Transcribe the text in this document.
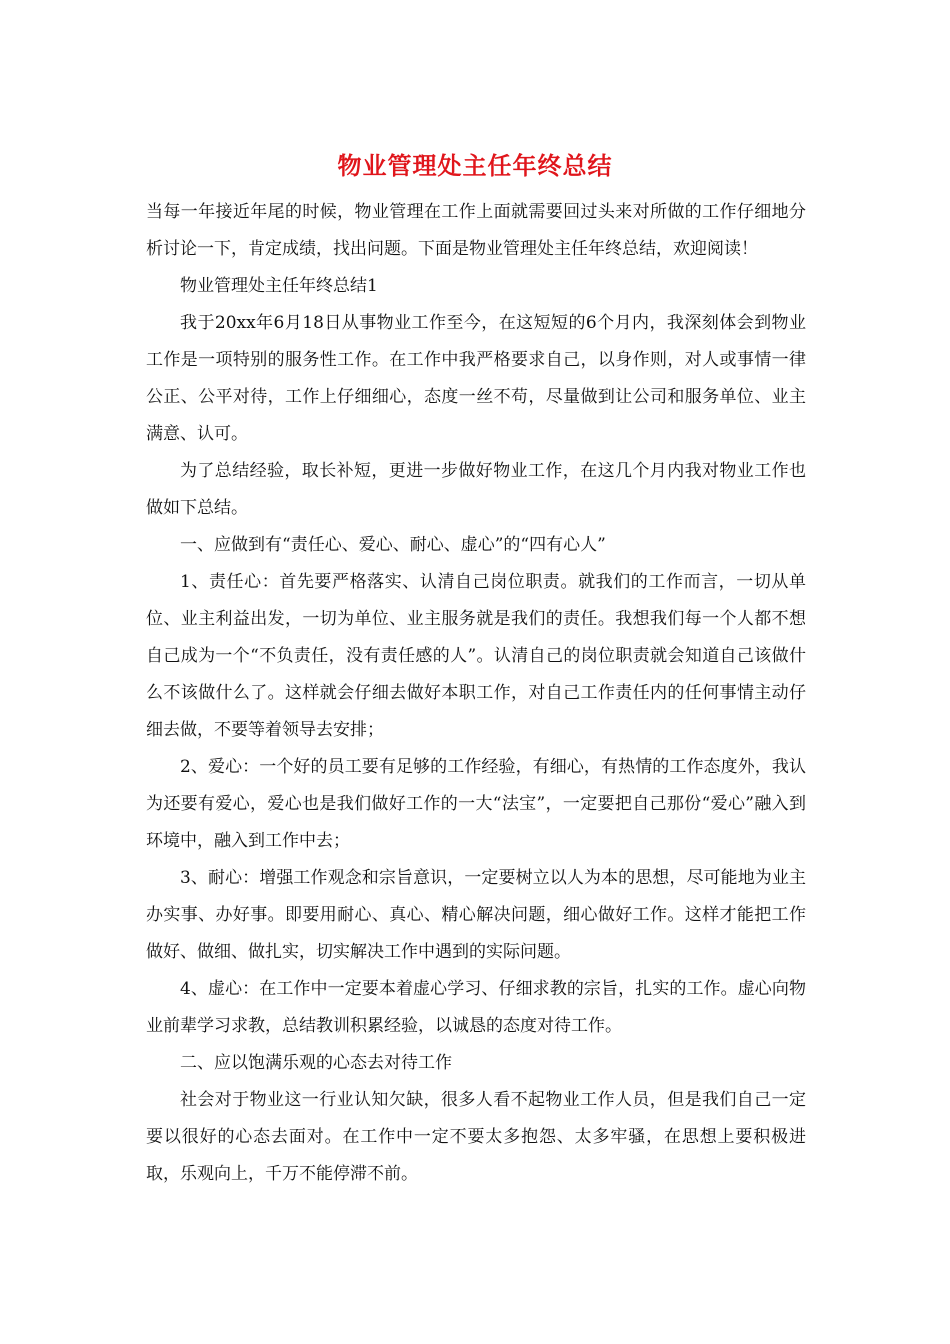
物业管理处主任年终总结

当每一年接近年尾的时候，物业管理在工作上面就需要回过头来对所做的工作仔细地分析讨论一下，肯定成绩，找出问题。下面是物业管理处主任年终总结，欢迎阅读！

物业管理处主任年终总结1

我于20xx年6月18日从事物业工作至今，在这短短的6个月内，我深刻体会到物业工作是一项特别的服务性工作。在工作中我严格要求自己，以身作则，对人或事情一律公正、公平对待，工作上仔细细心，态度一丝不苟，尽量做到让公司和服务单位、业主满意、认可。

为了总结经验，取长补短，更进一步做好物业工作，在这几个月内我对物业工作也做如下总结。

一、应做到有“责任心、爱心、耐心、虚心”的“四有心人”

1、责任心：首先要严格落实、认清自己岗位职责。就我们的工作而言，一切从单位、业主利益出发，一切为单位、业主服务就是我们的责任。我想我们每一个人都不想自己成为一个“不负责任，没有责任感的人”。认清自己的岗位职责就会知道自己该做什么不该做什么了。这样就会仔细去做好本职工作，对自己工作责任内的任何事情主动仔细去做，不要等着领导去安排；

2、爱心：一个好的员工要有足够的工作经验，有细心，有热情的工作态度外，我认为还要有爱心，爱心也是我们做好工作的一大“法宝”，一定要把自己那份“爱心”融入到环境中，融入到工作中去；

3、耐心：增强工作观念和宗旨意识，一定要树立以人为本的思想，尽可能地为业主办实事、办好事。即要用耐心、真心、精心解决问题，细心做好工作。这样才能把工作做好、做细、做扎实，切实解决工作中遇到的实际问题。

4、虚心：在工作中一定要本着虚心学习、仔细求教的宗旨，扎实的工作。虚心向物业前辈学习求教，总结教训积累经验，以诚恳的态度对待工作。

二、应以饱满乐观的心态去对待工作

社会对于物业这一行业认知欠缺，很多人看不起物业工作人员，但是我们自己一定要以很好的心态去面对。在工作中一定不要太多抱怨、太多牢骚，在思想上要积极进取，乐观向上，千万不能停滞不前。
